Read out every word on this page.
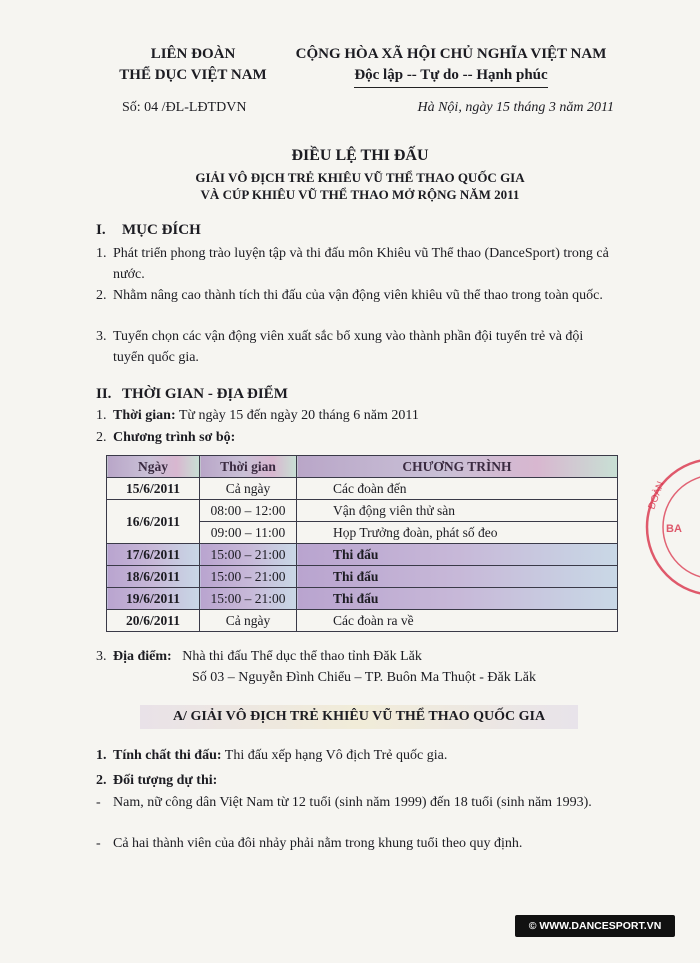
LIÊN ĐOÀN
THỂ DỤC VIỆT NAM
CỘNG HÒA XÃ HỘI CHỦ NGHĨA VIỆT NAM
Độc lập -- Tự do -- Hạnh phúc
Số: 04 /ĐL-LĐTDVN	Hà Nội, ngày 15 tháng 3 năm 2011
ĐIỀU LỆ THI ĐẤU
GIẢI VÔ ĐỊCH TRẺ KHIÊU VŨ THỂ THAO QUỐC GIA
VÀ CÚP KHIÊU VŨ THỂ THAO MỞ RỘNG NĂM 2011
I. MỤC ĐÍCH
1. Phát triển phong trào luyện tập và thi đấu môn Khiêu vũ Thể thao (DanceSport) trong cả nước.
2. Nhằm nâng cao thành tích thi đấu của vận động viên khiêu vũ thể thao trong toàn quốc.
3. Tuyển chọn các vận động viên xuất sắc bổ xung vào thành phần đội tuyển trẻ và đội tuyển quốc gia.
II. THỜI GIAN - ĐỊA ĐIỂM
1. Thời gian: Từ ngày 15 đến ngày 20 tháng 6 năm 2011
2. Chương trình sơ bộ:
Ngày	Thời gian	CHƯƠNG TRÌNH
15/6/2011	Cả ngày	Các đoàn đến
16/6/2011	08:00 – 12:00	Vận động viên thử sàn
	09:00 – 11:00	Họp Trưởng đoàn, phát số đeo
17/6/2011	15:00 – 21:00	Thi đấu
18/6/2011	15:00 – 21:00	Thi đấu
19/6/2011	15:00 – 21:00	Thi đấu
20/6/2011	Cả ngày	Các đoàn ra về
3. Địa điểm: Nhà thi đấu Thể dục thể thao tỉnh Đăk Lăk
Số 03 – Nguyễn Đình Chiểu – TP. Buôn Ma Thuột - Đăk Lăk
A/ GIẢI VÔ ĐỊCH TRẺ KHIÊU VŨ THỂ THAO QUỐC GIA
1. Tính chất thi đấu: Thi đấu xếp hạng Vô địch Trẻ quốc gia.
2. Đối tượng dự thi:
- Nam, nữ công dân Việt Nam từ 12 tuổi (sinh năm 1999) đến 18 tuổi (sinh năm 1993).
- Cả hai thành viên của đôi nhảy phải nằm trong khung tuổi theo quy định.
ĐOÀN
BA
© WWW.DANCESPORT.VN
